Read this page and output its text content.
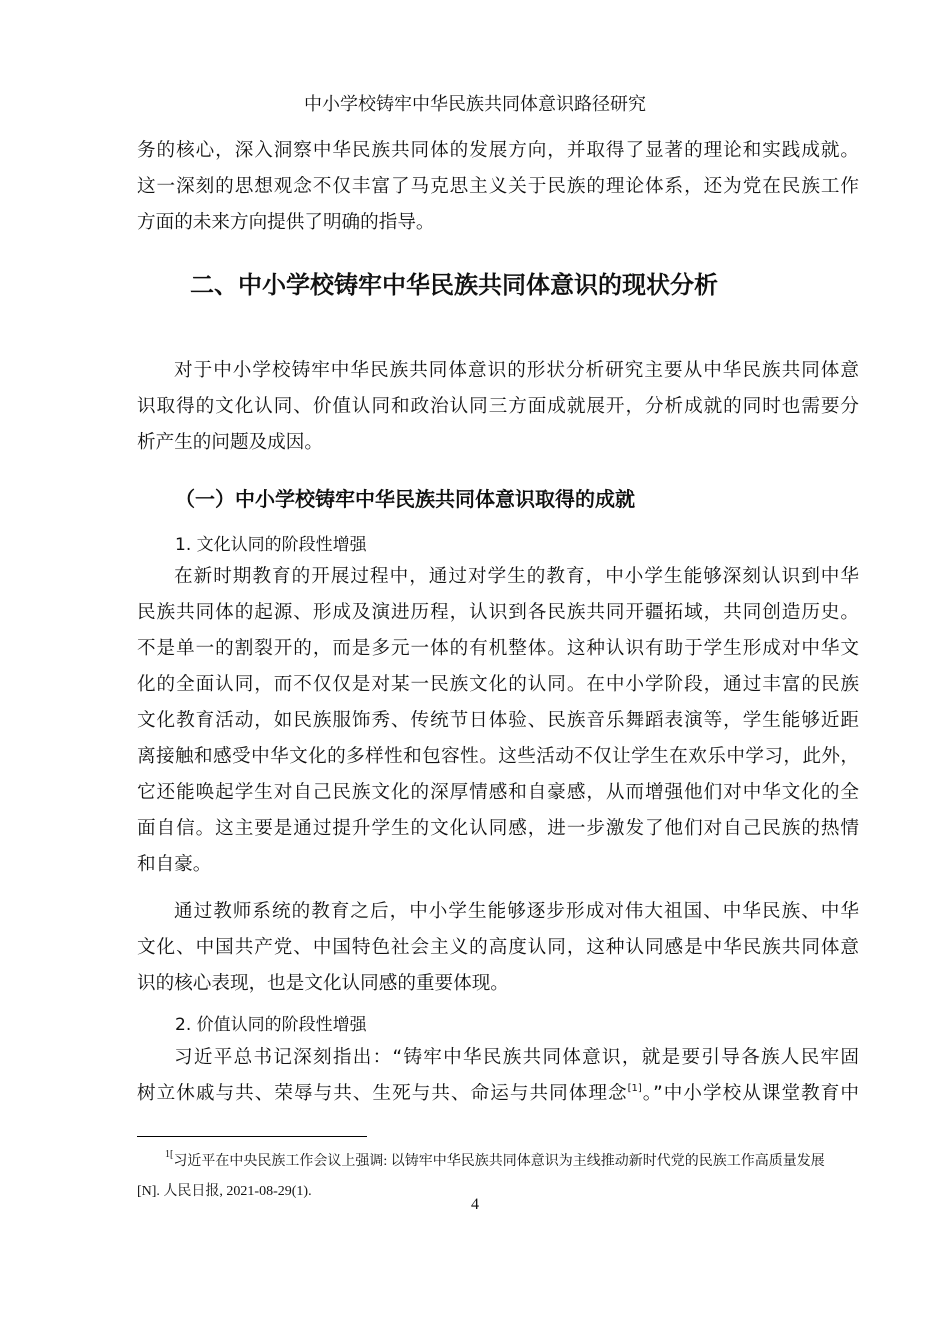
中小学校铸牢中华民族共同体意识路径研究
务的核心，深入洞察中华民族共同体的发展方向，并取得了显著的理论和实践成就。
这一深刻的思想观念不仅丰富了马克思主义关于民族的理论体系，还为党在民族工作
方面的未来方向提供了明确的指导。
二、中小学校铸牢中华民族共同体意识的现状分析
对于中小学校铸牢中华民族共同体意识的形状分析研究主要从中华民族共同体意
识取得的文化认同、价值认同和政治认同三方面成就展开，分析成就的同时也需要分
析产生的问题及成因。
（一）中小学校铸牢中华民族共同体意识取得的成就
1. 文化认同的阶段性增强
在新时期教育的开展过程中，通过对学生的教育，中小学生能够深刻认识到中华
民族共同体的起源、形成及演进历程，认识到各民族共同开疆拓域，共同创造历史。
不是单一的割裂开的，而是多元一体的有机整体。这种认识有助于学生形成对中华文
化的全面认同，而不仅仅是对某一民族文化的认同。在中小学阶段，通过丰富的民族
文化教育活动，如民族服饰秀、传统节日体验、民族音乐舞蹈表演等，学生能够近距
离接触和感受中华文化的多样性和包容性。这些活动不仅让学生在欢乐中学习，此外，
它还能唤起学生对自己民族文化的深厚情感和自豪感，从而增强他们对中华文化的全
面自信。这主要是通过提升学生的文化认同感，进一步激发了他们对自己民族的热情
和自豪。
通过教师系统的教育之后，中小学生能够逐步形成对伟大祖国、中华民族、中华
文化、中国共产党、中国特色社会主义的高度认同，这种认同感是中华民族共同体意
识的核心表现，也是文化认同感的重要体现。
2. 价值认同的阶段性增强
习近平总书记深刻指出：“铸牢中华民族共同体意识，就是要引导各族人民牢固
树立休戚与共、荣辱与共、生死与共、命运与共同体理念[1]。”中小学校从课堂教育中
$^{1[}$习近平在中央民族工作会议上强调: 以铸牢中华民族共同体意识为主线推动新时代党的民族工作高质量发展
[N]. 人民日报, 2021-08-29(1).
4
